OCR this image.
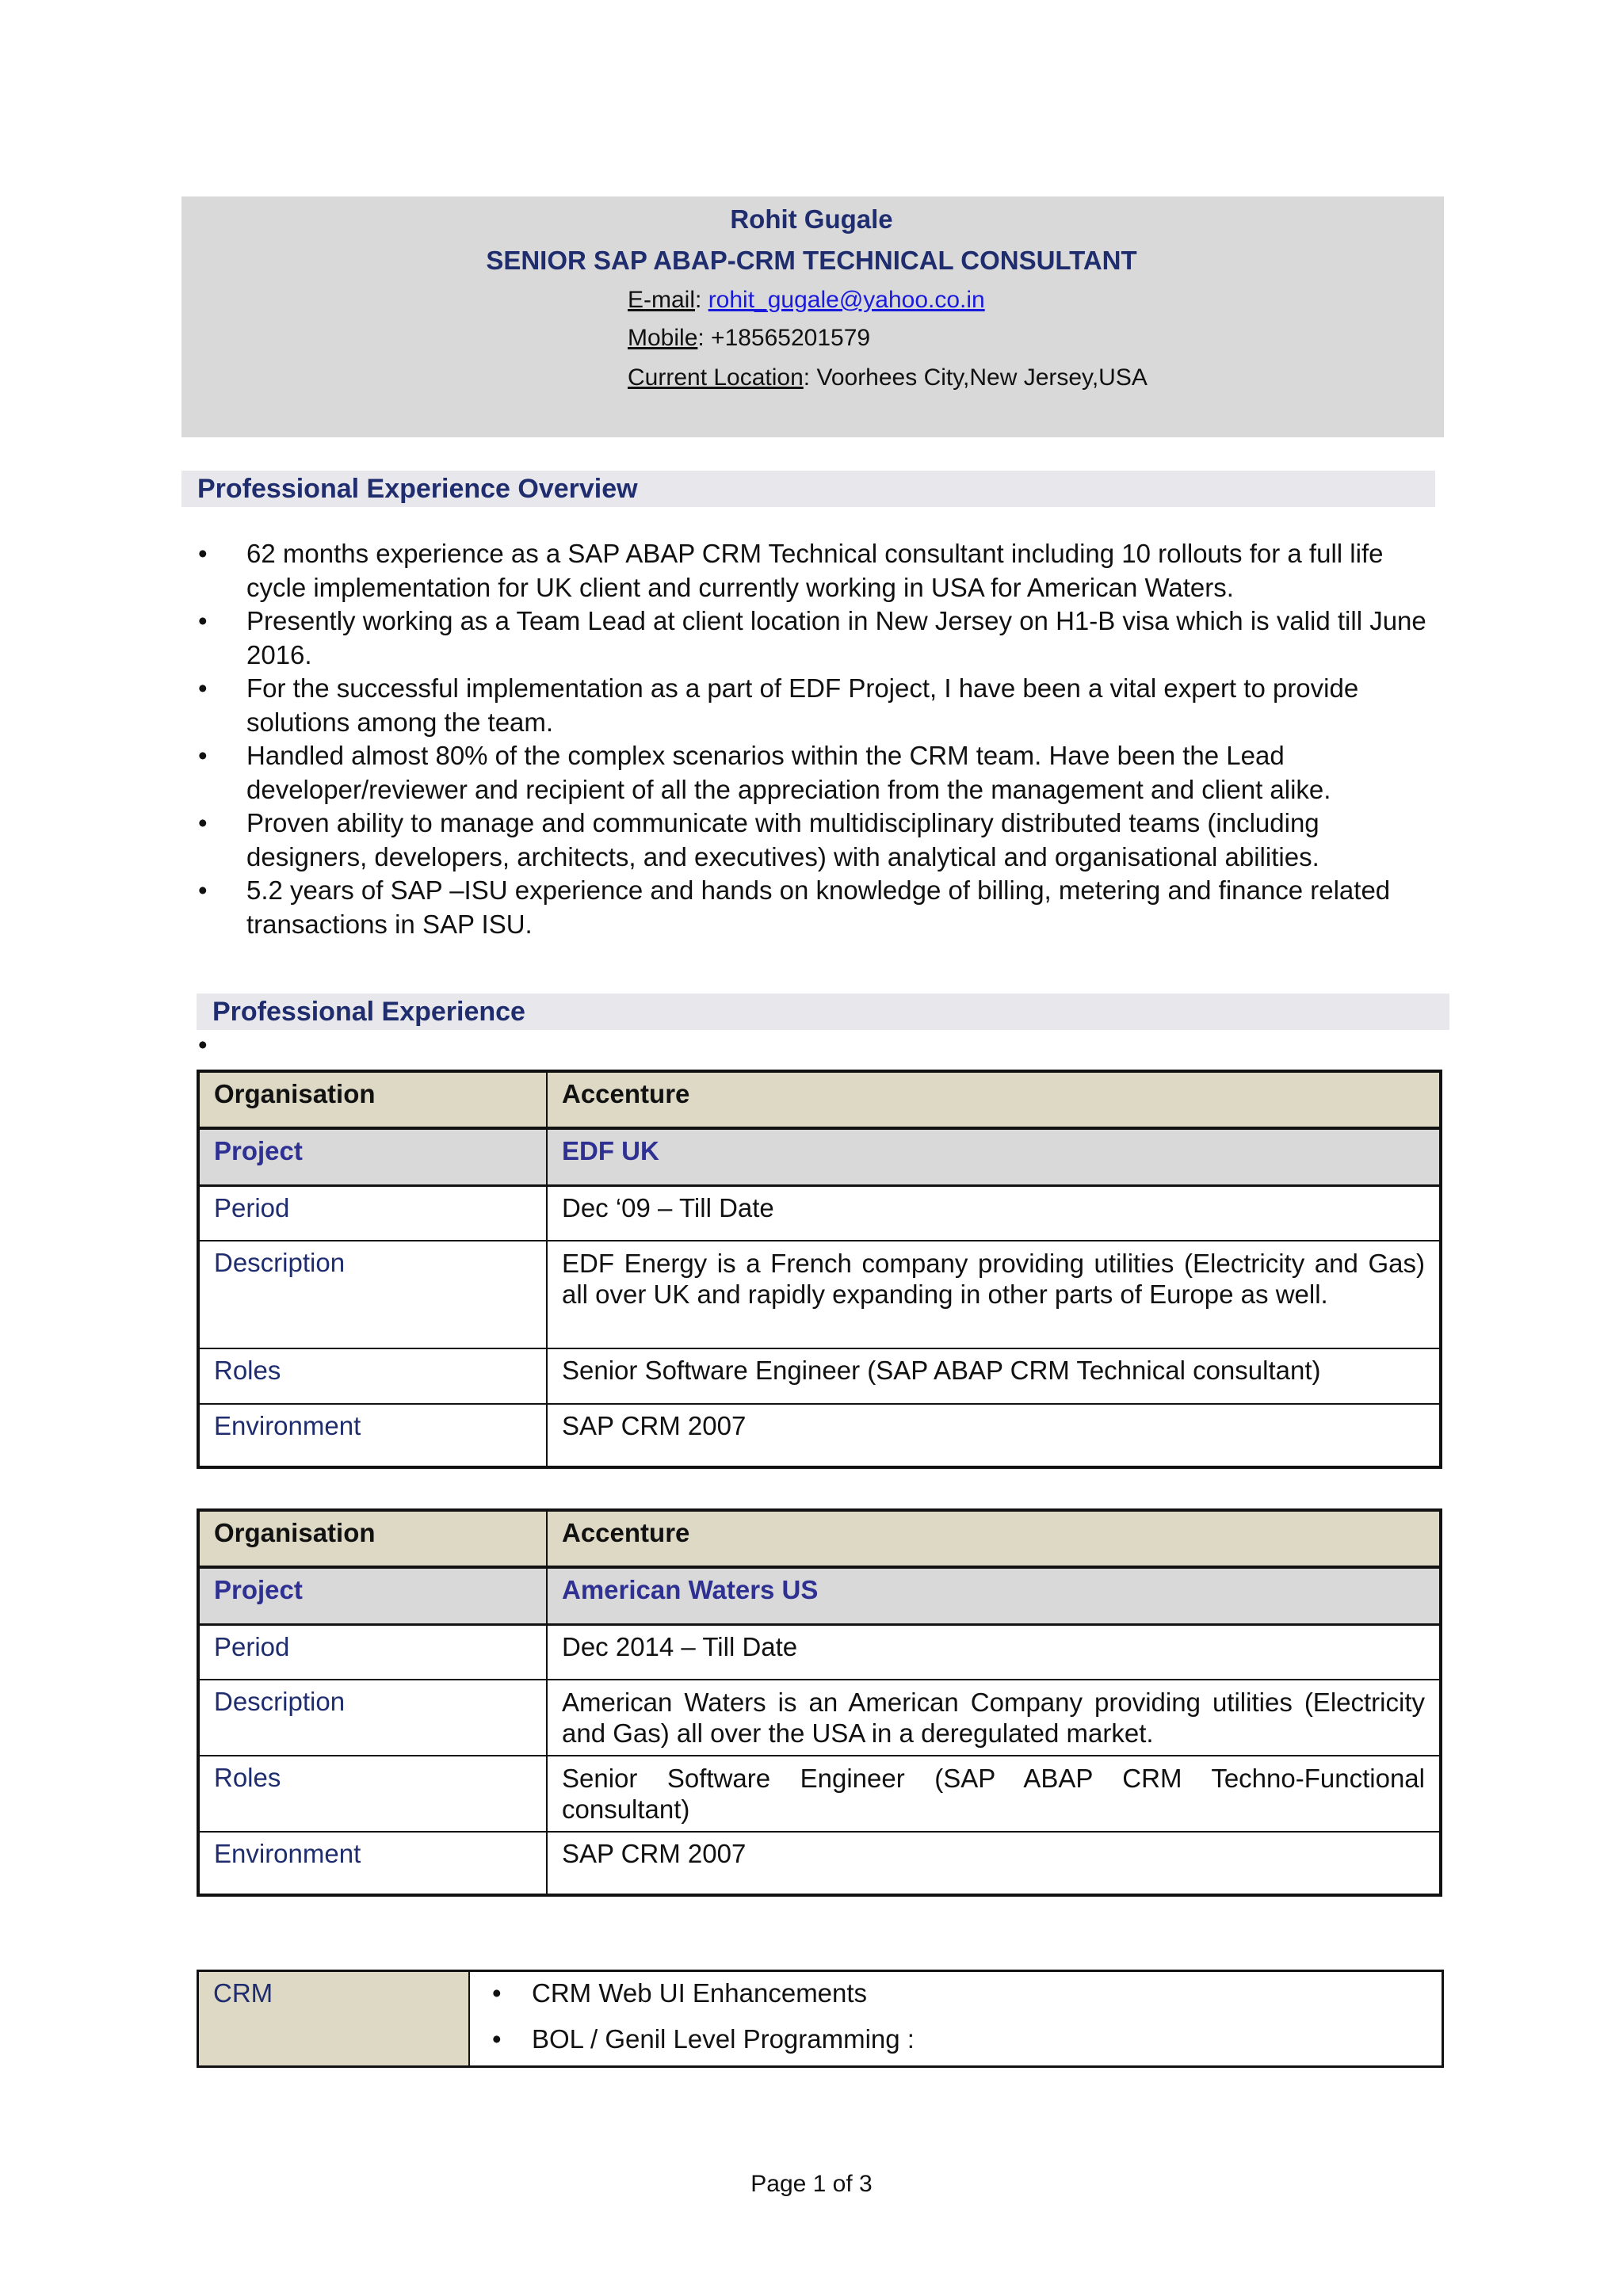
Rohit Gugale
SENIOR SAP ABAP-CRM TECHNICAL CONSULTANT
E-mail: rohit_gugale@yahoo.co.in
Mobile: +18565201579
Current Location: Voorhees City,New Jersey,USA
Professional Experience Overview
• 62 months experience as a SAP ABAP CRM Technical consultant including 10 rollouts for a full life cycle implementation for UK client and currently working in USA for American Waters.
• Presently working as a Team Lead at client location in New Jersey on H1-B visa which is valid till June 2016.
• For the successful implementation as a part of EDF Project, I have been a vital expert to provide solutions among the team.
• Handled almost 80% of the complex scenarios within the CRM team. Have been the Lead developer/reviewer and recipient of all the appreciation from the management and client alike.
• Proven ability to manage and communicate with multidisciplinary distributed teams (including designers, developers, architects, and executives) with analytical and organisational abilities.
• 5.2 years of SAP –ISU experience and hands on knowledge of billing, metering and finance related transactions in SAP ISU.
Professional Experience
•
Organisation	Accenture
Project	EDF UK
Period	Dec ‘09 – Till Date
Description	EDF Energy is a French company providing utilities (Electricity and Gas) all over UK and rapidly expanding in other parts of Europe as well.
Roles	Senior Software Engineer (SAP ABAP CRM Technical consultant)
Environment	SAP CRM 2007
Organisation	Accenture
Project	American Waters US
Period	Dec 2014 – Till Date
Description	American Waters is an American Company providing utilities (Electricity and Gas) all over the USA in a deregulated market.
Roles	Senior Software Engineer (SAP ABAP CRM Techno-Functional consultant)
Environment	SAP CRM 2007
CRM	• CRM Web UI Enhancements
• BOL / Genil Level Programming :
Page 1 of 3
